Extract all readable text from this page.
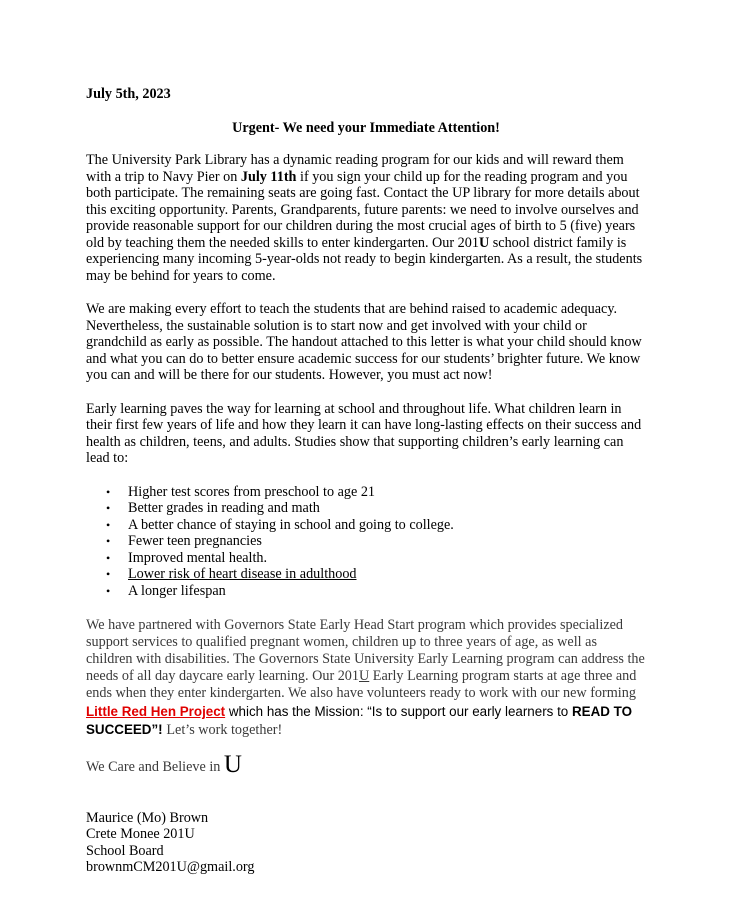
July 5th, 2023

Urgent- We need your Immediate Attention!

The University Park Library has a dynamic reading program for our kids and will reward them with a trip to Navy Pier on July 11th if you sign your child up for the reading program and you both participate. The remaining seats are going fast. Contact the UP library for more details about this exciting opportunity. Parents, Grandparents, future parents: we need to involve ourselves and provide reasonable support for our children during the most crucial ages of birth to 5 (five) years old by teaching them the needed skills to enter kindergarten. Our 201U school district family is experiencing many incoming 5-year-olds not ready to begin kindergarten. As a result, the students may be behind for years to come.

We are making every effort to teach the students that are behind raised to academic adequacy. Nevertheless, the sustainable solution is to start now and get involved with your child or grandchild as early as possible. The handout attached to this letter is what your child should know and what you can do to better ensure academic success for our students’ brighter future. We know you can and will be there for our students. However, you must act now!

Early learning paves the way for learning at school and throughout life. What children learn in their first few years of life and how they learn it can have long-lasting effects on their success and health as children, teens, and adults. Studies show that supporting children’s early learning can lead to:

• Higher test scores from preschool to age 21
• Better grades in reading and math
• A better chance of staying in school and going to college.
• Fewer teen pregnancies
• Improved mental health.
• Lower risk of heart disease in adulthood
• A longer lifespan

We have partnered with Governors State Early Head Start program which provides specialized support services to qualified pregnant women, children up to three years of age, as well as children with disabilities. The Governors State University Early Learning program can address the needs of all day daycare early learning. Our 201U Early Learning program starts at age three and ends when they enter kindergarten. We also have volunteers ready to work with our new forming Little Red Hen Project which has the Mission: “Is to support our early learners to READ TO SUCCEED”! Let’s work together!

We Care and Believe in U

Maurice (Mo) Brown
Crete Monee 201U
School Board
brownmCM201U@gmail.org
